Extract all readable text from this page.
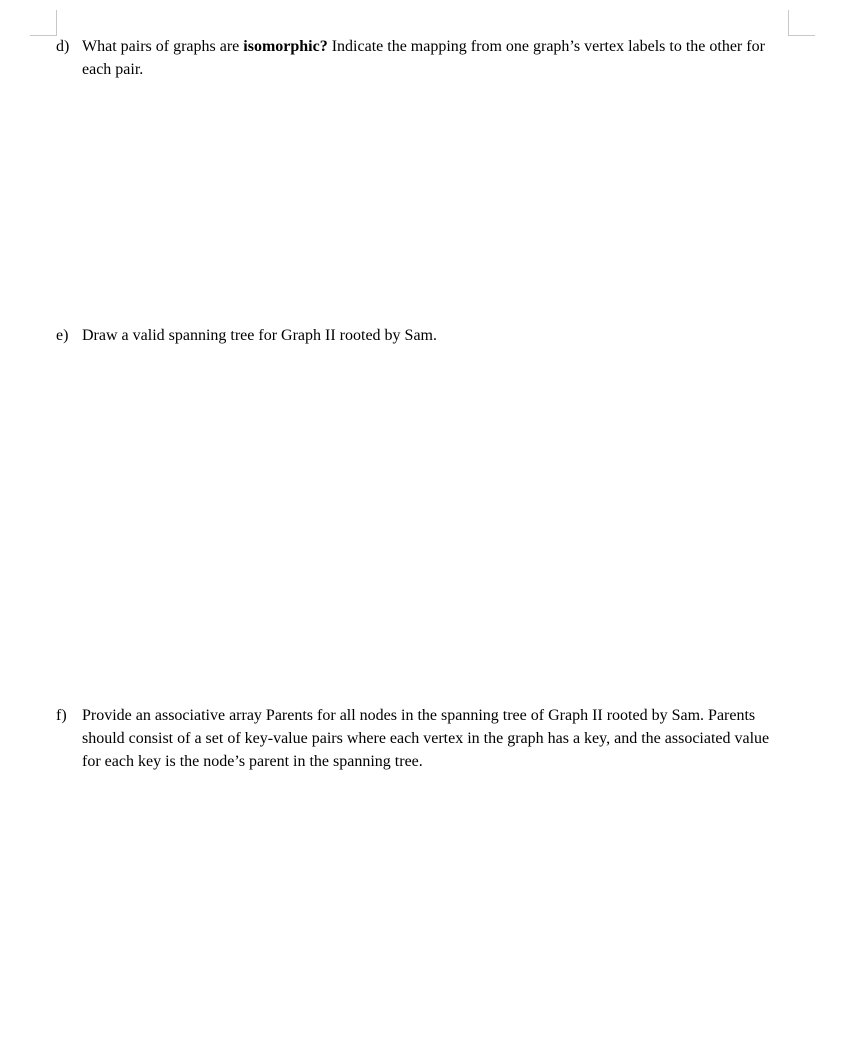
d) What pairs of graphs are isomorphic? Indicate the mapping from one graph’s vertex labels to the other for each pair.
e) Draw a valid spanning tree for Graph II rooted by Sam.
f) Provide an associative array Parents for all nodes in the spanning tree of Graph II rooted by Sam. Parents should consist of a set of key-value pairs where each vertex in the graph has a key, and the associated value for each key is the node’s parent in the spanning tree.
